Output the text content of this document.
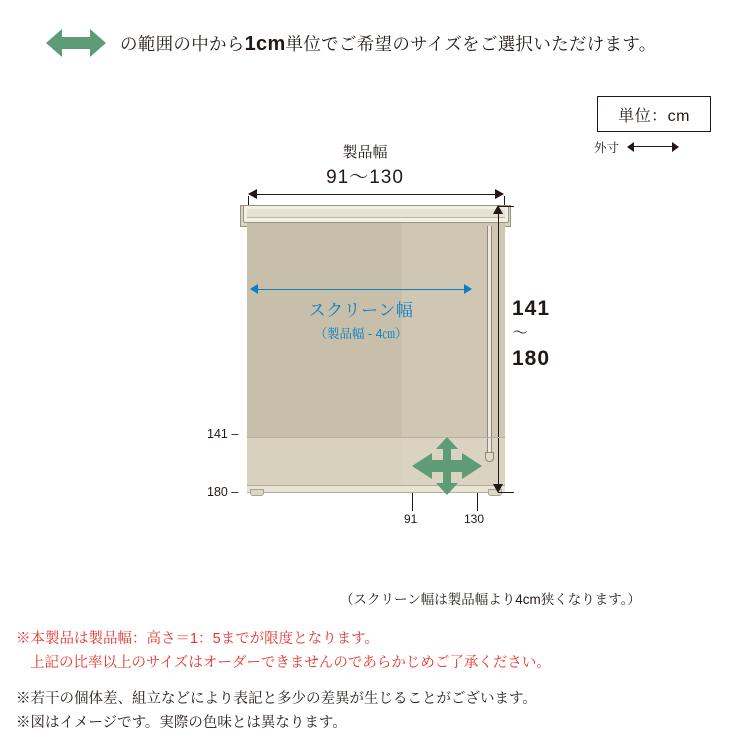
の範囲の中から1cm単位でご希望のサイズをご選択いただけます。
単位：cm
外寸
製品幅
91〜130
スクリーン幅
（製品幅 - 4㎝）
141
〜
180
141 –
180 –
91	130
（スクリーン幅は製品幅より4cm狭くなります。）
※本製品は製品幅：高さ＝1：5までが限度となります。
上記の比率以上のサイズはオーダーできませんのであらかじめご了承ください。
※若干の個体差、組立などにより表記と多少の差異が生じることがございます。
※図はイメージです。実際の色味とは異なります。
